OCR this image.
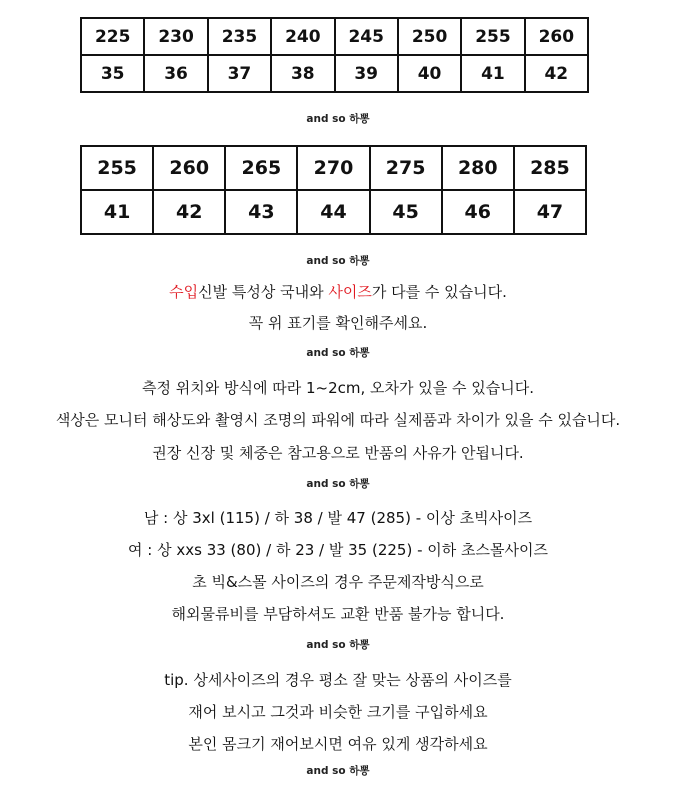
225	230	235	240	245	250	255	260
35	36	37	38	39	40	41	42
and so 하뽕
255	260	265	270	275	280	285
41	42	43	44	45	46	47
and so 하뽕
수입신발 특성상 국내와 사이즈가 다를 수 있습니다.
꼭 위 표기를 확인해주세요.
and so 하뽕
측정 위치와 방식에 따라 1~2cm, 오차가 있을 수 있습니다.
색상은 모니터 해상도와 촬영시 조명의 파워에 따라 실제품과 차이가 있을 수 있습니다.
권장 신장 및 체중은 참고용으로 반품의 사유가 안됩니다.
and so 하뽕
남 : 상 3xl (115) / 하 38 / 발 47 (285) - 이상 초빅사이즈
여 : 상 xxs 33 (80) / 하 23 / 발 35 (225) - 이하 초스몰사이즈
초 빅&스몰 사이즈의 경우 주문제작방식으로
해외물류비를 부담하셔도 교환 반품 불가능 합니다.
and so 하뽕
tip. 상세사이즈의 경우 평소 잘 맞는 상품의 사이즈를
재어 보시고 그것과 비슷한 크기를 구입하세요
본인 몸크기 재어보시면 여유 있게 생각하세요
and so 하뽕
